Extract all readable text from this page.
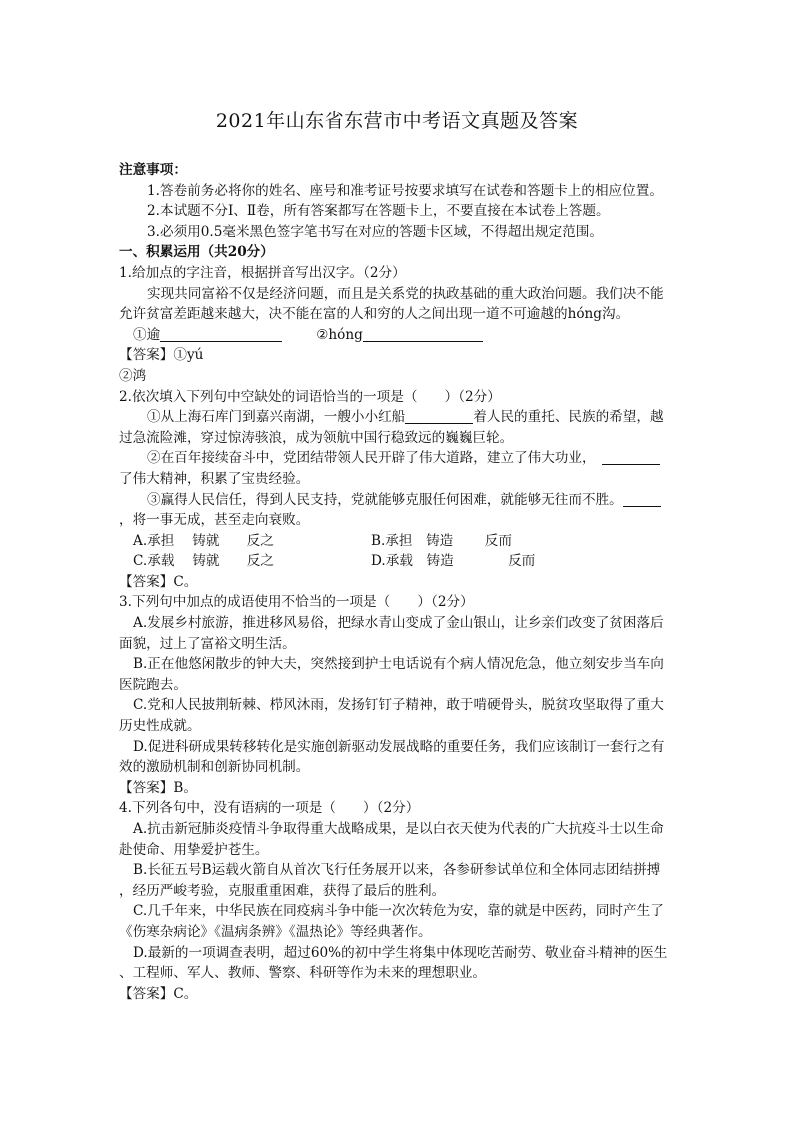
2021年山东省东营市中考语文真题及答案

注意事项：

1.答卷前务必将你的姓名、座号和准考证号按要求填写在试卷和答题卡上的相应位置。

2.本试题不分Ⅰ、Ⅱ卷，所有答案都写在答题卡上，不要直接在本试卷上答题。

3.必须用0.5毫米黑色签字笔书写在对应的答题卡区域，不得超出规定范围。

一、积累运用（共20分）

1.给加点的字注音，根据拼音写出汉字。（2分）

实现共同富裕不仅是经济问题，而且是关系党的执政基础的重大政治问题。我们决不能

允许贫富差距越来越大，决不能在富的人和穷的人之间出现一道不可逾越的hóng沟。

①逾	②hóng

【答案】①yú

②鸿

2.依次填入下列句中空缺处的词语恰当的一项是（　　）（2分）

①从上海石库门到嘉兴南湖，一艘小小红船	着人民的重托、民族的希望，越

过急流险滩，穿过惊涛骇浪，成为领航中国行稳致远的巍巍巨轮。

②在百年接续奋斗中，党团结带领人民开辟了伟大道路，建立了伟大功业，

了伟大精神，积累了宝贵经验。

③赢得人民信任，得到人民支持，党就能够克服任何困难，就能够无往而不胜。

，将一事无成，甚至走向衰败。

A.承担　 铸就　　反之	B.承担　铸造　　 反而

C.承载　 铸就　　反之	D.承载　铸造　　　　反而

【答案】C。

3.下列句中加点的成语使用不恰当的一项是（　　）（2分）

A.发展乡村旅游，推进移风易俗，把绿水青山变成了金山银山，让乡亲们改变了贫困落后

面貌，过上了富裕文明生活。

B.正在他悠闲散步的钟大夫，突然接到护士电话说有个病人情况危急，他立刻安步当车向

医院跑去。

C.党和人民披荆斩棘、栉风沐雨，发扬钉钉子精神，敢于啃硬骨头，脱贫攻坚取得了重大

历史性成就。

D.促进科研成果转移转化是实施创新驱动发展战略的重要任务，我们应该制订一套行之有

效的激励机制和创新协同机制。

【答案】B。

4.下列各句中，没有语病的一项是（　　）（2分）

A.抗击新冠肺炎疫情斗争取得重大战略成果，是以白衣天使为代表的广大抗疫斗士以生命

赴使命、用挚爱护苍生。

B.长征五号B运载火箭自从首次飞行任务展开以来，各参研参试单位和全体同志团结拼搏

，经历严峻考验，克服重重困难，获得了最后的胜利。

C.几千年来，中华民族在同疫病斗争中能一次次转危为安，靠的就是中医药，同时产生了

《伤寒杂病论》《温病条辨》《温热论》等经典著作。

D.最新的一项调查表明，超过60%的初中学生将集中体现吃苦耐劳、敬业奋斗精神的医生

、工程师、军人、教师、警察、科研等作为未来的理想职业。

【答案】C。
